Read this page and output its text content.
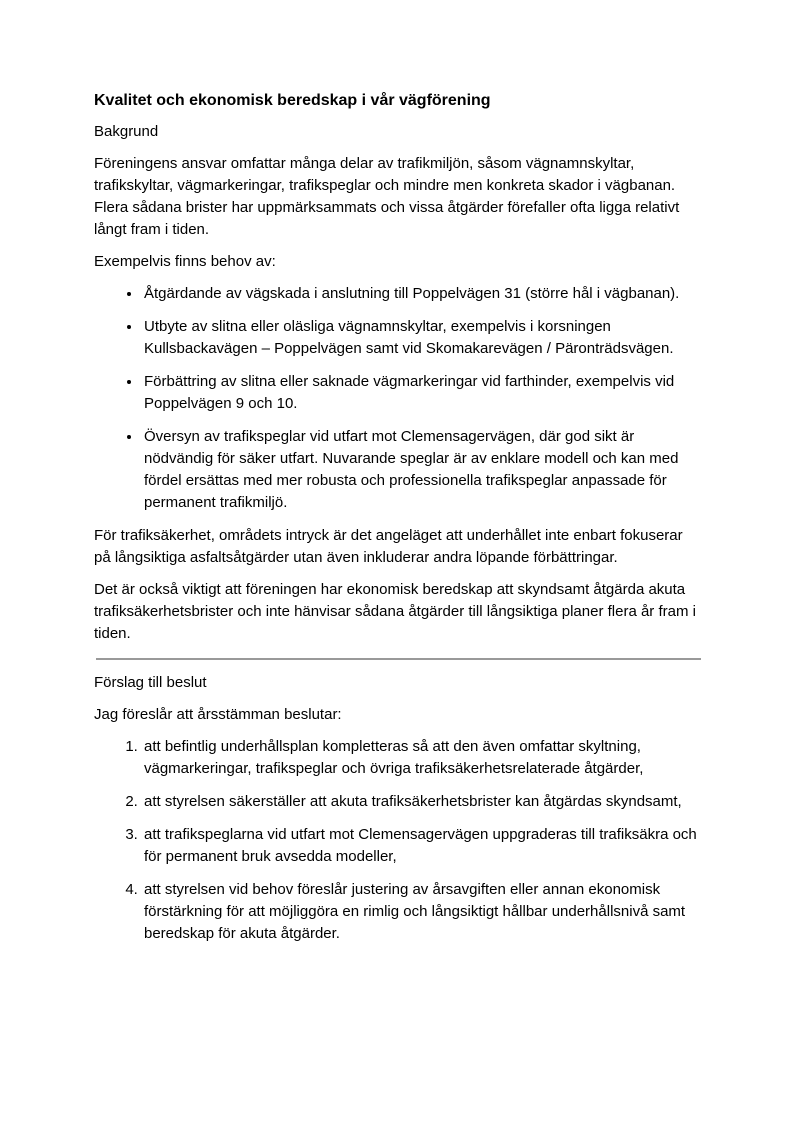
Kvalitet och ekonomisk beredskap i vår vägförening

Bakgrund

Föreningens ansvar omfattar många delar av trafikmiljön, såsom vägnamnskyltar, trafikskyltar, vägmarkeringar, trafikspeglar och mindre men konkreta skador i vägbanan. Flera sådana brister har uppmärksammats och vissa åtgärder förefaller ofta ligga relativt långt fram i tiden.

Exempelvis finns behov av:

• Åtgärdande av vägskada i anslutning till Poppelvägen 31 (större hål i vägbanan).
• Utbyte av slitna eller oläsliga vägnamnskyltar, exempelvis i korsningen Kullsbackavägen – Poppelvägen samt vid Skomakarevägen / Päronträdsvägen.
• Förbättring av slitna eller saknade vägmarkeringar vid farthinder, exempelvis vid Poppelvägen 9 och 10.
• Översyn av trafikspeglar vid utfart mot Clemensagervägen, där god sikt är nödvändig för säker utfart. Nuvarande speglar är av enklare modell och kan med fördel ersättas med mer robusta och professionella trafikspeglar anpassade för permanent trafikmiljö.

För trafiksäkerhet, områdets intryck är det angeläget att underhållet inte enbart fokuserar på långsiktiga asfaltsåtgärder utan även inkluderar andra löpande förbättringar.

Det är också viktigt att föreningen har ekonomisk beredskap att skyndsamt åtgärda akuta trafiksäkerhetsbrister och inte hänvisar sådana åtgärder till långsiktiga planer flera år fram i tiden.

Förslag till beslut

Jag föreslår att årsstämman beslutar:

1. att befintlig underhållsplan kompletteras så att den även omfattar skyltning, vägmarkeringar, trafikspeglar och övriga trafiksäkerhetsrelaterade åtgärder,
2. att styrelsen säkerställer att akuta trafiksäkerhetsbrister kan åtgärdas skyndsamt,
3. att trafikspeglarna vid utfart mot Clemensagervägen uppgraderas till trafiksäkra och för permanent bruk avsedda modeller,
4. att styrelsen vid behov föreslår justering av årsavgiften eller annan ekonomisk förstärkning för att möjliggöra en rimlig och långsiktigt hållbar underhållsnivå samt beredskap för akuta åtgärder.
